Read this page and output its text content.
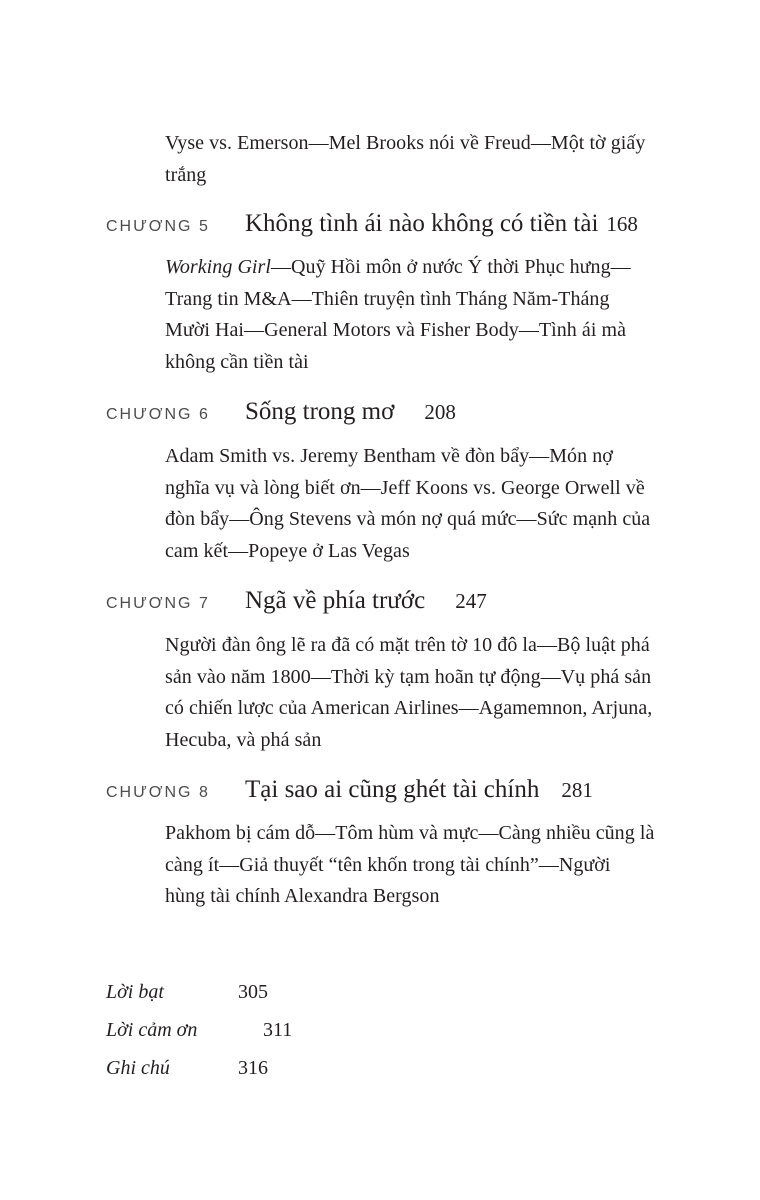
Vyse vs. Emerson—Mel Brooks nói về Freud—Một tờ giấy trắng
CHƯƠNG 5	Không tình ái nào không có tiền tài 168
Working Girl—Quỹ Hồi môn ở nước Ý thời Phục hưng—Trang tin M&A—Thiên truyện tình Tháng Năm-Tháng Mười Hai—General Motors và Fisher Body—Tình ái mà không cần tiền tài
CHƯƠNG 6	Sống trong mơ 208
Adam Smith vs. Jeremy Bentham về đòn bẩy—Món nợ nghĩa vụ và lòng biết ơn—Jeff Koons vs. George Orwell về đòn bẩy—Ông Stevens và món nợ quá mức—Sức mạnh của cam kết—Popeye ở Las Vegas
CHƯƠNG 7	Ngã về phía trước 247
Người đàn ông lẽ ra đã có mặt trên tờ 10 đô la—Bộ luật phá sản vào năm 1800—Thời kỳ tạm hoãn tự động—Vụ phá sản có chiến lược của American Airlines—Agamemnon, Arjuna, Hecuba, và phá sản
CHƯƠNG 8	Tại sao ai cũng ghét tài chính 281
Pakhom bị cám dỗ—Tôm hùm và mực—Càng nhiều cũng là càng ít—Giả thuyết “tên khốn trong tài chính”—Người hùng tài chính Alexandra Bergson
Lời bạt	305
Lời cảm ơn	311
Ghi chú	316
